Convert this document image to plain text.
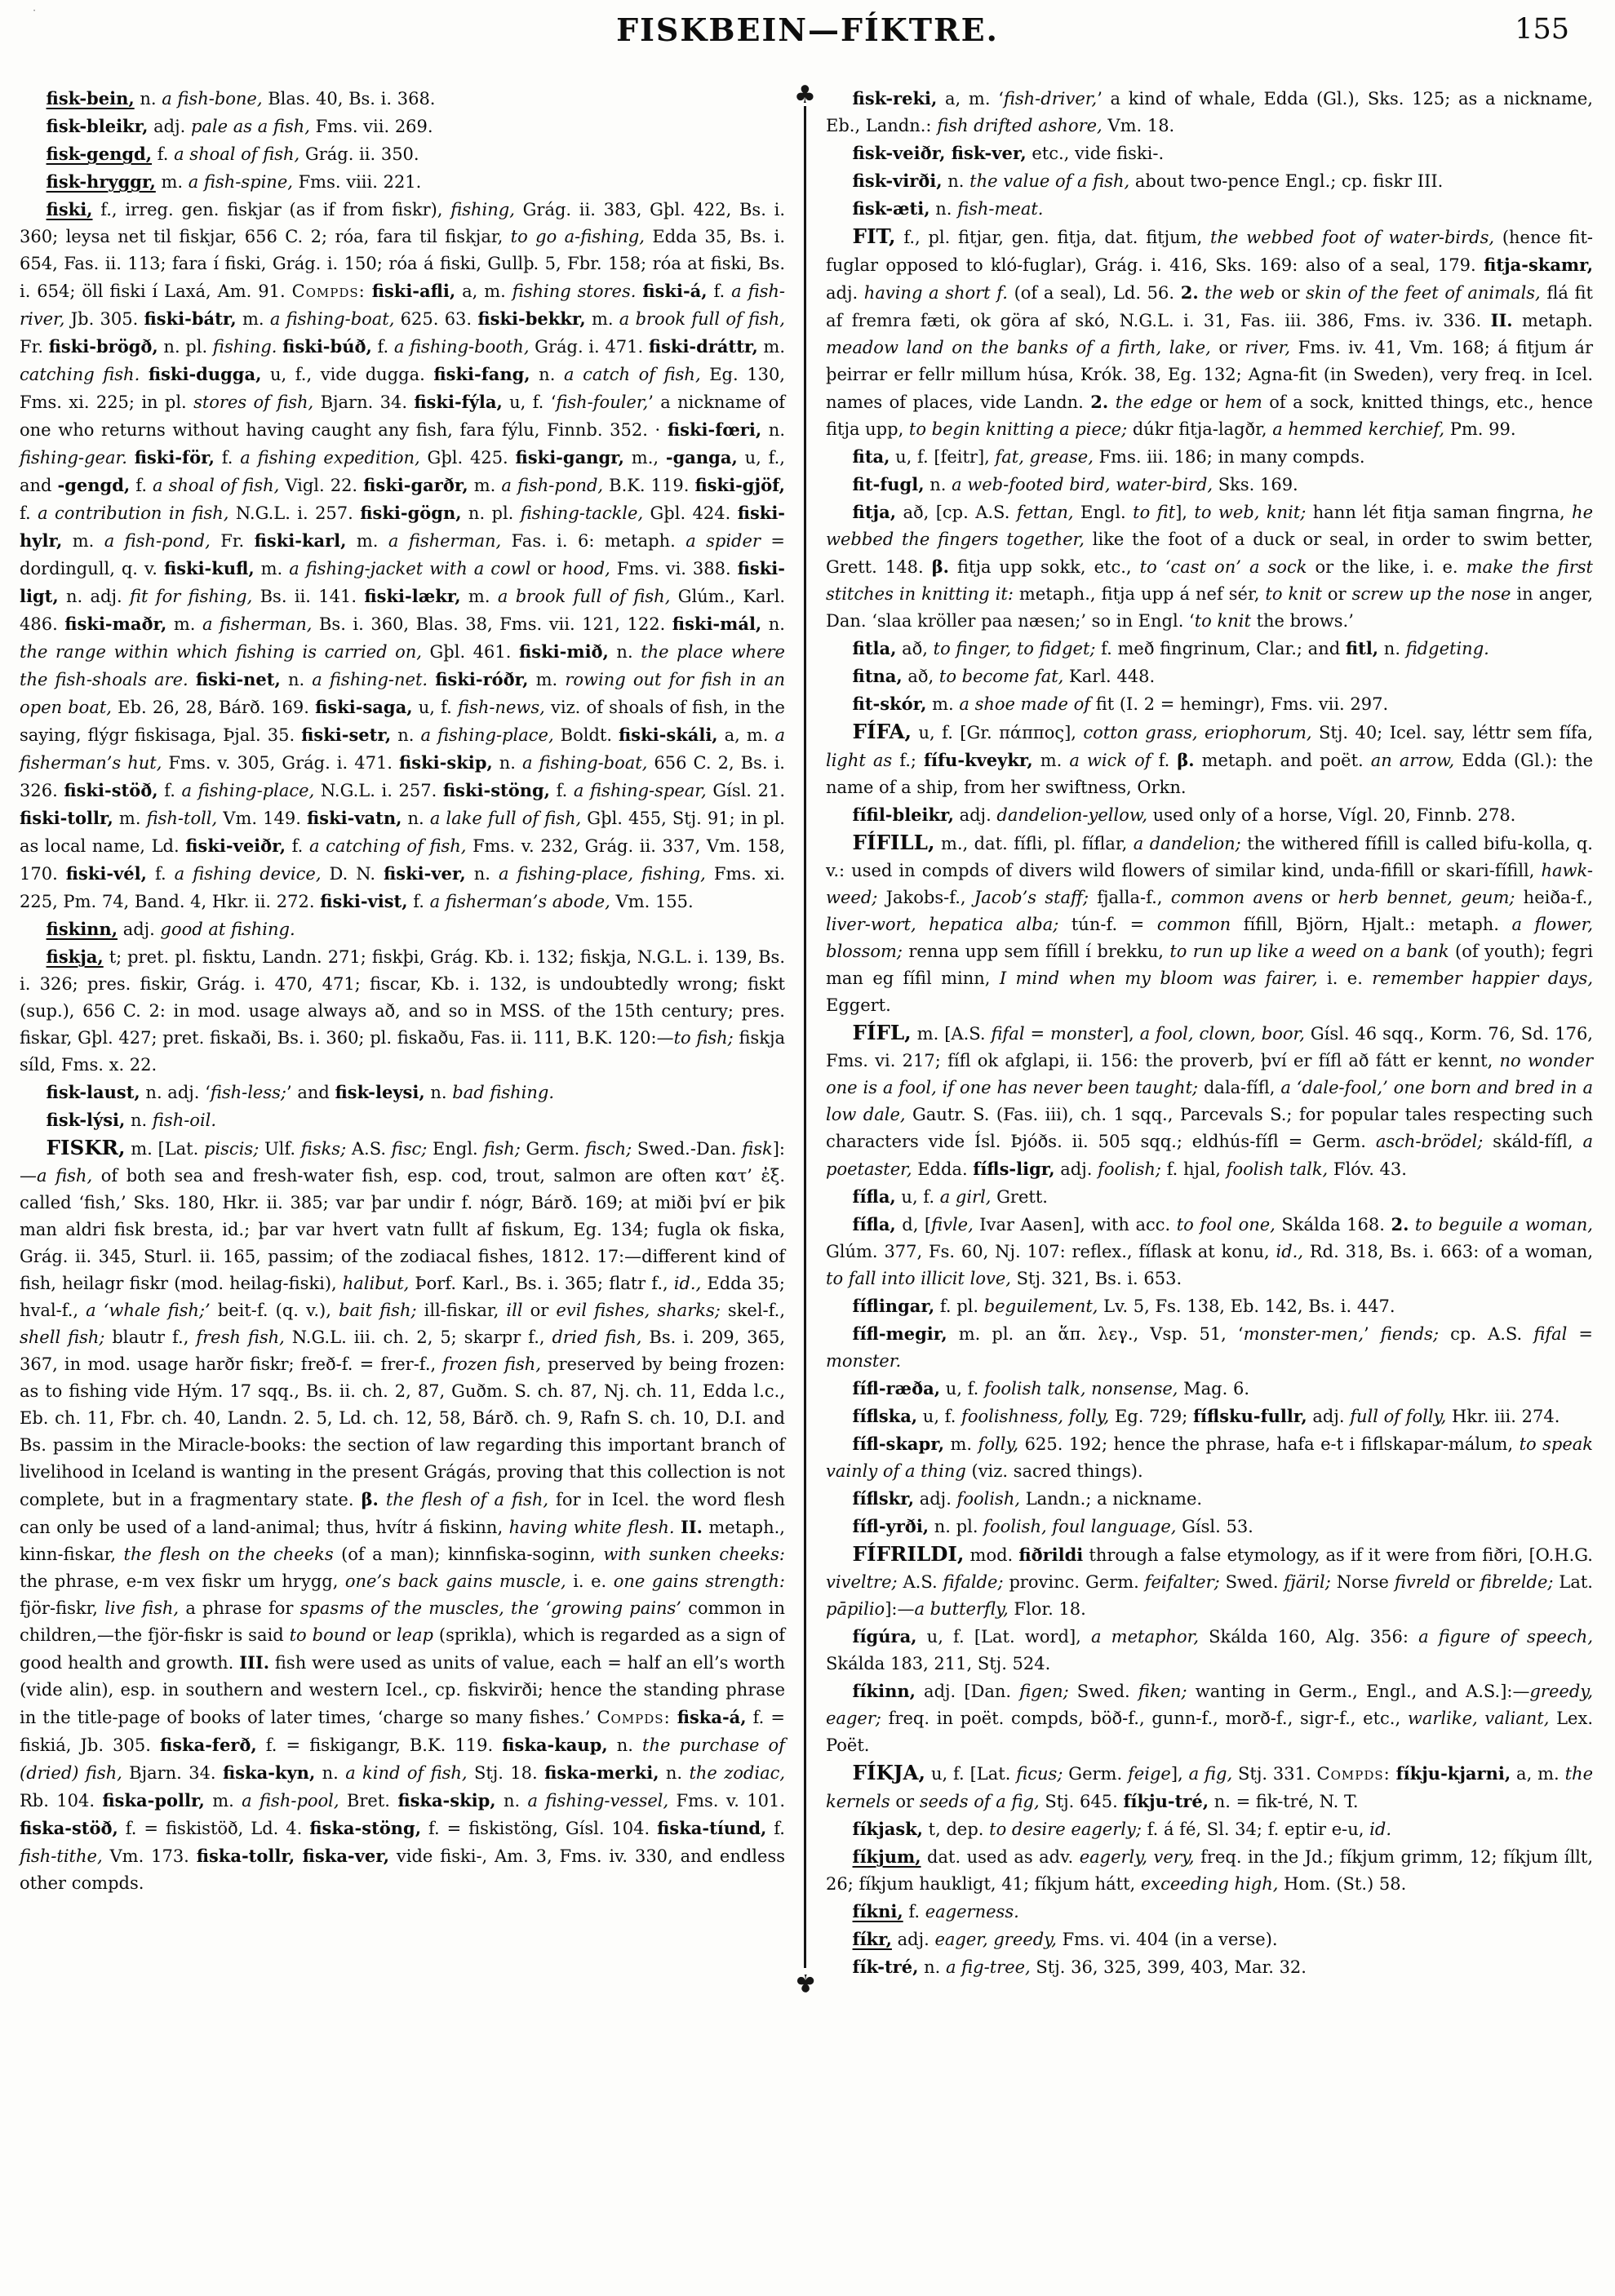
·
FISKBEIN—FÍKTRE.	155

fisk-bein, n. a fish-bone, Blas. 40, Bs. i. 368.

fisk-bleikr, adj. pale as a fish, Fms. vii. 269.

fisk-gengd, f. a shoal of fish, Grág. ii. 350.

fisk-hryggr, m. a fish-spine, Fms. viii. 221.

fiski, f., irreg. gen. fiskjar (as if from fiskr), fishing, Grág. ii. 383, Gþl. 422, Bs. i. 360; leysa net til fiskjar, 656 C. 2; róa, fara til fiskjar, to go a-fishing, Edda 35, Bs. i. 654, Fas. ii. 113; fara í fiski, Grág. i. 150; róa á fiski, Gullþ. 5, Fbr. 158; róa at fiski, Bs. i. 654; öll fiski í Laxá, Am. 91. Compds: fiski-afli, a, m. fishing stores. fiski-á, f. a fish-river, Jb. 305. fiski-bátr, m. a fishing-boat, 625. 63. fiski-bekkr, m. a brook full of fish, Fr. fiski-brögð, n. pl. fishing. fiski-búð, f. a fishing-booth, Grág. i. 471. fiski-dráttr, m. catching fish. fiski-dugga, u, f., vide dugga. fiski-fang, n. a catch of fish, Eg. 130, Fms. xi. 225; in pl. stores of fish, Bjarn. 34. fiski-fýla, u, f. ‘fish-fouler,’ a nickname of one who returns without having caught any fish, fara fýlu, Finnb. 352. · fiski-fœri, n. fishing-gear. fiski-för, f. a fishing expedition, Gþl. 425. fiski-gangr, m., -ganga, u, f., and -gengd, f. a shoal of fish, Vigl. 22. fiski-garðr, m. a fish-pond, B.K. 119. fiski-gjöf, f. a contribution in fish, N.G.L. i. 257. fiski-gögn, n. pl. fishing-tackle, Gþl. 424. fiski-hylr, m. a fish-pond, Fr. fiski-karl, m. a fisherman, Fas. i. 6: metaph. a spider = dordingull, q. v. fiski-kufl, m. a fishing-jacket with a cowl or hood, Fms. vi. 388. fiski-ligt, n. adj. fit for fishing, Bs. ii. 141. fiski-lækr, m. a brook full of fish, Glúm., Karl. 486. fiski-maðr, m. a fisherman, Bs. i. 360, Blas. 38, Fms. vii. 121, 122. fiski-mál, n. the range within which fishing is carried on, Gþl. 461. fiski-mið, n. the place where the fish-shoals are. fiski-net, n. a fishing-net. fiski-róðr, m. rowing out for fish in an open boat, Eb. 26, 28, Bárð. 169. fiski-saga, u, f. fish-news, viz. of shoals of fish, in the saying, flýgr fiskisaga, Þjal. 35. fiski-setr, n. a fishing-place, Boldt. fiski-skáli, a, m. a fisherman’s hut, Fms. v. 305, Grág. i. 471. fiski-skip, n. a fishing-boat, 656 C. 2, Bs. i. 326. fiski-stöð, f. a fishing-place, N.G.L. i. 257. fiski-stöng, f. a fishing-spear, Gísl. 21. fiski-tollr, m. fish-toll, Vm. 149. fiski-vatn, n. a lake full of fish, Gþl. 455, Stj. 91; in pl. as local name, Ld. fiski-veiðr, f. a catching of fish, Fms. v. 232, Grág. ii. 337, Vm. 158, 170. fiski-vél, f. a fishing device, D. N. fiski-ver, n. a fishing-place, fishing, Fms. xi. 225, Pm. 74, Band. 4, Hkr. ii. 272. fiski-vist, f. a fisherman’s abode, Vm. 155.

fiskinn, adj. good at fishing.

fiskja, t; pret. pl. fisktu, Landn. 271; fiskþi, Grág. Kb. i. 132; fiskja, N.G.L. i. 139, Bs. i. 326; pres. fiskir, Grág. i. 470, 471; fiscar, Kb. i. 132, is undoubtedly wrong; fiskt (sup.), 656 C. 2: in mod. usage always að, and so in MSS. of the 15th century; pres. fiskar, Gþl. 427; pret. fiskaði, Bs. i. 360; pl. fiskaðu, Fas. ii. 111, B.K. 120:—to fish; fiskja síld, Fms. x. 22.

fisk-laust, n. adj. ‘fish-less;’ and fisk-leysi, n. bad fishing.

fisk-lýsi, n. fish-oil.

FISKR, m. [Lat. piscis; Ulf. fisks; A.S. fisc; Engl. fish; Germ. fisch; Swed.-Dan. fisk]:—a fish, of both sea and fresh-water fish, esp. cod, trout, salmon are often κατ’ ἐξ. called ‘fish,’ Sks. 180, Hkr. ii. 385; var þar undir f. nógr, Bárð. 169; at miði því er þik man aldri fisk bresta, id.; þar var hvert vatn fullt af fiskum, Eg. 134; fugla ok fiska, Grág. ii. 345, Sturl. ii. 165, passim; of the zodiacal fishes, 1812. 17:—different kind of fish, heilagr fiskr (mod. heilag-fiski), halibut, Þorf. Karl., Bs. i. 365; flatr f., id., Edda 35; hval-f., a ‘whale fish;’ beit-f. (q. v.), bait fish; ill-fiskar, ill or evil fishes, sharks; skel-f., shell fish; blautr f., fresh fish, N.G.L. iii. ch. 2, 5; skarpr f., dried fish, Bs. i. 209, 365, 367, in mod. usage harðr fiskr; freð-f. = frer-f., frozen fish, preserved by being frozen: as to fishing vide Hým. 17 sqq., Bs. ii. ch. 2, 87, Guðm. S. ch. 87, Nj. ch. 11, Edda l.c., Eb. ch. 11, Fbr. ch. 40, Landn. 2. 5, Ld. ch. 12, 58, Bárð. ch. 9, Rafn S. ch. 10, D.I. and Bs. passim in the Miracle-books: the section of law regarding this important branch of livelihood in Iceland is wanting in the present Grágás, proving that this collection is not complete, but in a fragmentary state. β. the flesh of a fish, for in Icel. the word flesh can only be used of a land-animal; thus, hvítr á fiskinn, having white flesh. II. metaph., kinn-fiskar, the flesh on the cheeks (of a man); kinnfiska-soginn, with sunken cheeks: the phrase, e-m vex fiskr um hrygg, one’s back gains muscle, i. e. one gains strength: fjör-fiskr, live fish, a phrase for spasms of the muscles, the ‘growing pains’ common in children,—the fjör-fiskr is said to bound or leap (sprikla), which is regarded as a sign of good health and growth. III. fish were used as units of value, each = half an ell’s worth (vide alin), esp. in southern and western Icel., cp. fiskvirði; hence the standing phrase in the title-page of books of later times, ‘charge so many fishes.’ Compds: fiska-á, f. = fiskiá, Jb. 305. fiska-ferð, f. = fiskigangr, B.K. 119. fiska-kaup, n. the purchase of (dried) fish, Bjarn. 34. fiska-kyn, n. a kind of fish, Stj. 18. fiska-merki, n. the zodiac, Rb. 104. fiska-pollr, m. a fish-pool, Bret. fiska-skip, n. a fishing-vessel, Fms. v. 101. fiska-stöð, f. = fiskistöð, Ld. 4. fiska-stöng, f. = fiskistöng, Gísl. 104. fiska-tíund, f. fish-tithe, Vm. 173. fiska-tollr, fiska-ver, vide fiski-, Am. 3, Fms. iv. 330, and endless other compds.

♣
♣

fisk-reki, a, m. ‘fish-driver,’ a kind of whale, Edda (Gl.), Sks. 125; as a nickname, Eb., Landn.: fish drifted ashore, Vm. 18.

fisk-veiðr, fisk-ver, etc., vide fiski-.

fisk-virði, n. the value of a fish, about two-pence Engl.; cp. fiskr III.

fisk-æti, n. fish-meat.

FIT, f., pl. fitjar, gen. fitja, dat. fitjum, the webbed foot of water-birds, (hence fit-fuglar opposed to kló-fuglar), Grág. i. 416, Sks. 169: also of a seal, 179. fitja-skamr, adj. having a short f. (of a seal), Ld. 56. 2. the web or skin of the feet of animals, flá fit af fremra fæti, ok göra af skó, N.G.L. i. 31, Fas. iii. 386, Fms. iv. 336. II. metaph. meadow land on the banks of a firth, lake, or river, Fms. iv. 41, Vm. 168; á fitjum ár þeirrar er fellr millum húsa, Krók. 38, Eg. 132; Agna-fit (in Sweden), very freq. in Icel. names of places, vide Landn. 2. the edge or hem of a sock, knitted things, etc., hence fitja upp, to begin knitting a piece; dúkr fitja-lagðr, a hemmed kerchief, Pm. 99.

fita, u, f. [feitr], fat, grease, Fms. iii. 186; in many compds.

fit-fugl, n. a web-footed bird, water-bird, Sks. 169.

fitja, að, [cp. A.S. fettan, Engl. to fit], to web, knit; hann lét fitja saman fingrna, he webbed the fingers together, like the foot of a duck or seal, in order to swim better, Grett. 148. β. fitja upp sokk, etc., to ‘cast on’ a sock or the like, i. e. make the first stitches in knitting it: metaph., fitja upp á nef sér, to knit or screw up the nose in anger, Dan. ‘slaa kröller paa næsen;’ so in Engl. ‘to knit the brows.’

fitla, að, to finger, to fidget; f. með fingrinum, Clar.; and fitl, n. fidgeting.

fitna, að, to become fat, Karl. 448.

fit-skór, m. a shoe made of fit (I. 2 = hemingr), Fms. vii. 297.

FÍFA, u, f. [Gr. πάππος], cotton grass, eriophorum, Stj. 40; Icel. say, léttr sem fífa, light as f.; fífu-kveykr, m. a wick of f. β. metaph. and poët. an arrow, Edda (Gl.): the name of a ship, from her swiftness, Orkn.

fífil-bleikr, adj. dandelion-yellow, used only of a horse, Vígl. 20, Finnb. 278.

FÍFILL, m., dat. fífli, pl. fíflar, a dandelion; the withered fífill is called bifu-kolla, q. v.: used in compds of divers wild flowers of similar kind, unda-fifill or skari-fífill, hawk-weed; Jakobs-f., Jacob’s staff; fjalla-f., common avens or herb bennet, geum; heiða-f., liver-wort, hepatica alba; tún-f. = common fífill, Björn, Hjalt.: metaph. a flower, blossom; renna upp sem fífill í brekku, to run up like a weed on a bank (of youth); fegri man eg fífil minn, I mind when my bloom was fairer, i. e. remember happier days, Eggert.

FÍFL, m. [A.S. fifal = monster], a fool, clown, boor, Gísl. 46 sqq., Korm. 76, Sd. 176, Fms. vi. 217; fífl ok afglapi, ii. 156: the proverb, því er fífl að fátt er kennt, no wonder one is a fool, if one has never been taught; dala-fífl, a ‘dale-fool,’ one born and bred in a low dale, Gautr. S. (Fas. iii), ch. 1 sqq., Parcevals S.; for popular tales respecting such characters vide Ísl. Þjóðs. ii. 505 sqq.; eldhús-fífl = Germ. asch-brödel; skáld-fífl, a poetaster, Edda. fífls-ligr, adj. foolish; f. hjal, foolish talk, Flóv. 43.

fífla, u, f. a girl, Grett.

fífla, d, [fivle, Ivar Aasen], with acc. to fool one, Skálda 168. 2. to beguile a woman, Glúm. 377, Fs. 60, Nj. 107: reflex., fíflask at konu, id., Rd. 318, Bs. i. 663: of a woman, to fall into illicit love, Stj. 321, Bs. i. 653.

fíflingar, f. pl. beguilement, Lv. 5, Fs. 138, Eb. 142, Bs. i. 447.

fífl-megir, m. pl. an ἅπ. λεγ., Vsp. 51, ‘monster-men,’ fiends; cp. A.S. fifal = monster.

fífl-ræða, u, f. foolish talk, nonsense, Mag. 6.

fíflska, u, f. foolishness, folly, Eg. 729; fíflsku-fullr, adj. full of folly, Hkr. iii. 274.

fífl-skapr, m. folly, 625. 192; hence the phrase, hafa e-t i fiflskapar-málum, to speak vainly of a thing (viz. sacred things).

fíflskr, adj. foolish, Landn.; a nickname.

fífl-yrði, n. pl. foolish, foul language, Gísl. 53.

FÍFRILDI, mod. fiðrildi through a false etymology, as if it were from fiðri, [O.H.G. viveltre; A.S. fifalde; provinc. Germ. feifalter; Swed. fjäril; Norse fivreld or fibrelde; Lat. pāpilio]:—a butterfly, Flor. 18.

fígúra, u, f. [Lat. word], a metaphor, Skálda 160, Alg. 356: a figure of speech, Skálda 183, 211, Stj. 524.

fíkinn, adj. [Dan. figen; Swed. fiken; wanting in Germ., Engl., and A.S.]:—greedy, eager; freq. in poët. compds, böð-f., gunn-f., morð-f., sigr-f., etc., warlike, valiant, Lex. Poët.

FÍKJA, u, f. [Lat. ficus; Germ. feige], a fig, Stj. 331. Compds: fíkju-kjarni, a, m. the kernels or seeds of a fig, Stj. 645. fíkju-tré, n. = fik-tré, N. T.

fíkjask, t, dep. to desire eagerly; f. á fé, Sl. 34; f. eptir e-u, id.

fíkjum, dat. used as adv. eagerly, very, freq. in the Jd.; fíkjum grimm, 12; fíkjum íllt, 26; fíkjum haukligt, 41; fíkjum hátt, exceeding high, Hom. (St.) 58.

fíkni, f. eagerness.

fíkr, adj. eager, greedy, Fms. vi. 404 (in a verse).

fík-tré, n. a fig-tree, Stj. 36, 325, 399, 403, Mar. 32.
